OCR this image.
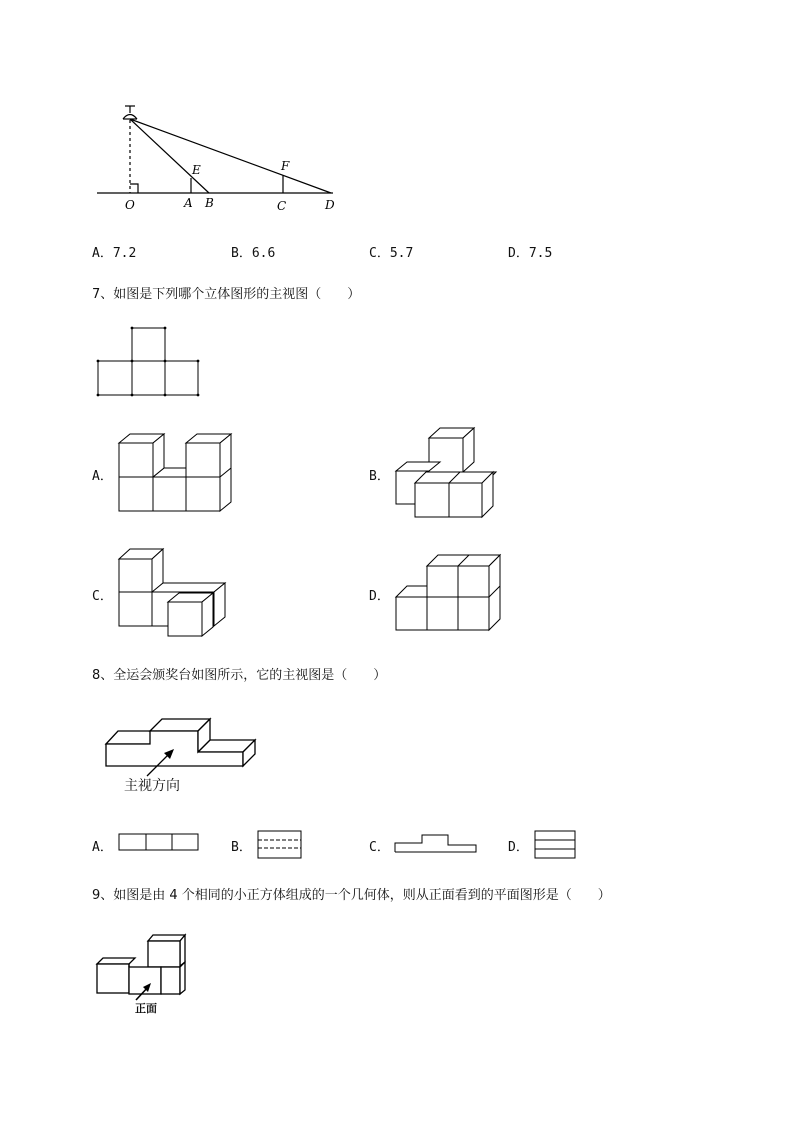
E	F
O	A B	C	D
A．7.2	B．6.6	C．5.7	D．7.5
7、如图是下列哪个立体图形的主视图（　　）
A．	B．
C．	D．
8、全运会颁奖台如图所示，它的主视图是（　　）
主视方向
A．	B．	C．	D．
9、如图是由 4 个相同的小正方体组成的一个几何体，则从正面看到的平面图形是（　　）
正面
